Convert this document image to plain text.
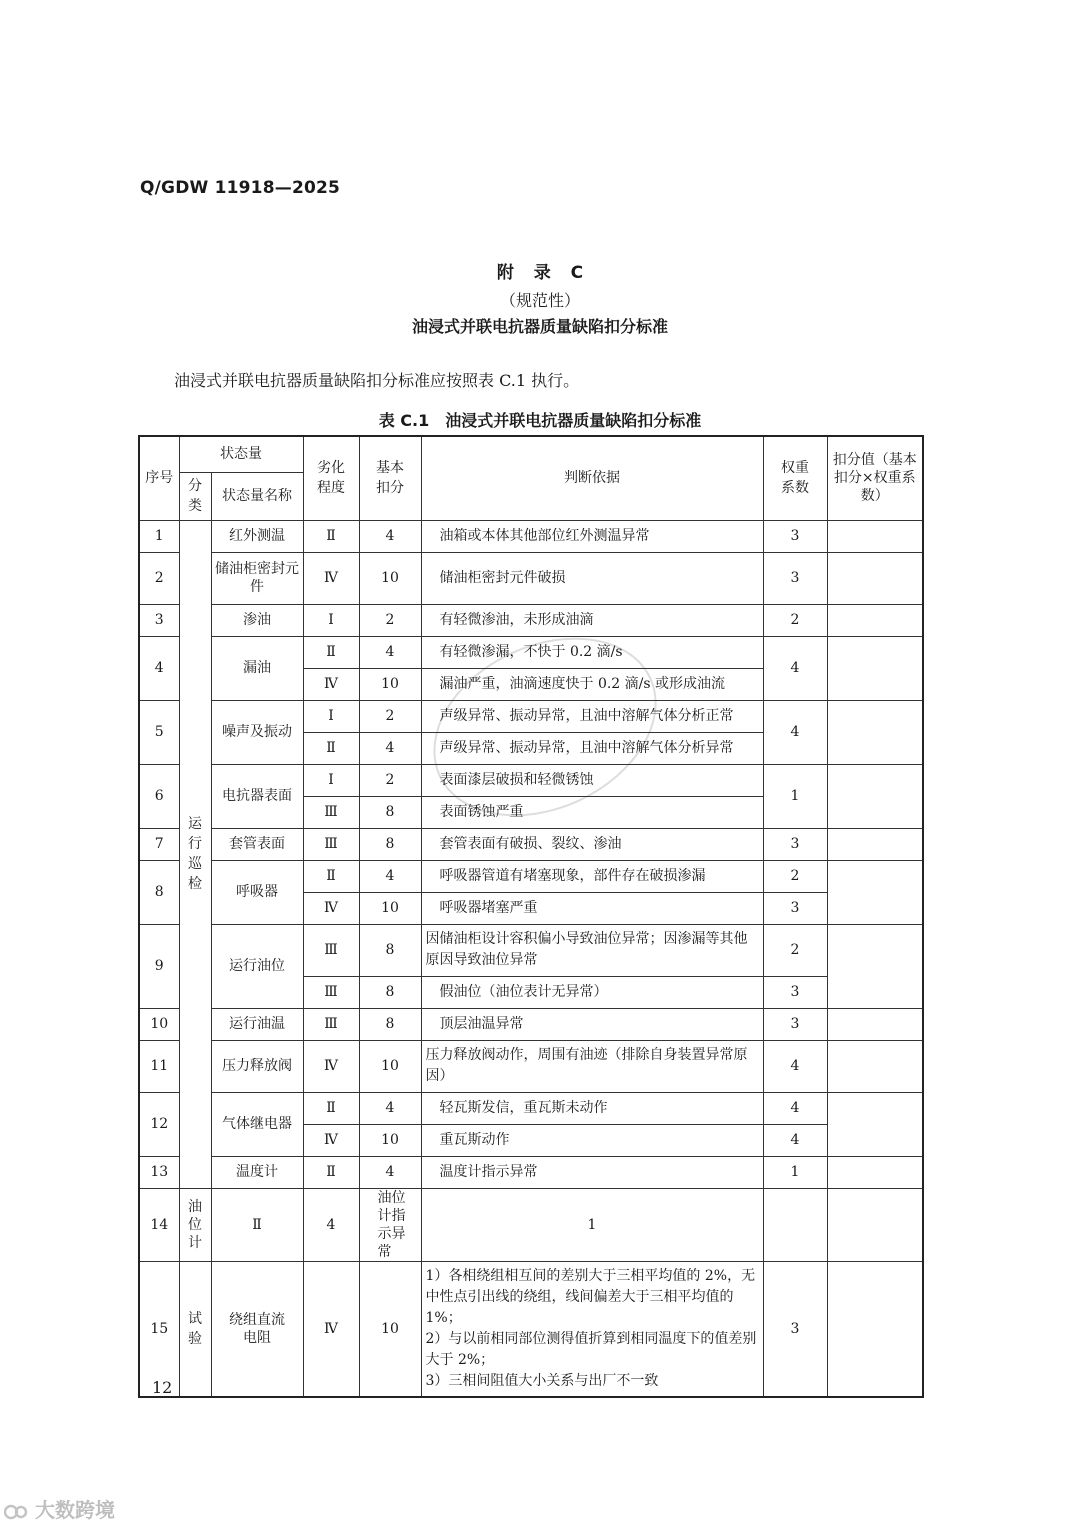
Q/GDW 11918—2025
附 录 C
（规范性）
油浸式并联电抗器质量缺陷扣分标准
油浸式并联电抗器质量缺陷扣分标准应按照表 C.1 执行。
表 C.1　油浸式并联电抗器质量缺陷扣分标准
序号	状态量		劣化程度	基本扣分	判断依据	权重系数	扣分值（基本扣分×权重系数）
	分类	状态量名称					
1	运行巡检	红外测温	Ⅱ	4	油箱或本体其他部位红外测温异常	3	
2		储油柜密封元件	Ⅳ	10	储油柜密封元件破损	3	
3		渗油	Ⅰ	2	有轻微渗油，未形成油滴	2	
4		漏油	Ⅱ	4	有轻微渗漏，不快于 0.2 滴/s	4	
			Ⅳ	10	漏油严重，油滴速度快于 0.2 滴/s 或形成油流		
5		噪声及振动	Ⅰ	2	声级异常、振动异常，且油中溶解气体分析正常	4	
			Ⅱ	4	声级异常、振动异常，且油中溶解气体分析异常		
6		电抗器表面	Ⅰ	2	表面漆层破损和轻微锈蚀	1	
			Ⅲ	8	表面锈蚀严重		
7		套管表面	Ⅲ	8	套管表面有破损、裂纹、渗油	3	
8		呼吸器	Ⅱ	4	呼吸器管道有堵塞现象，部件存在破损渗漏	2	
			Ⅳ	10	呼吸器堵塞严重	3	
9		运行油位	Ⅲ	8	因储油柜设计容积偏小导致油位异常；因渗漏等其他原因导致油位异常	2	
			Ⅲ	8	假油位（油位表计无异常）	3	
10		运行油温	Ⅲ	8	顶层油温异常	3	
11		压力释放阀	Ⅳ	10	压力释放阀动作，周围有油迹（排除自身装置异常原因）	4	
12		气体继电器	Ⅱ	4	轻瓦斯发信，重瓦斯未动作	4	
			Ⅳ	10	重瓦斯动作	4	
13		温度计	Ⅱ	4	温度计指示异常	1	
14	油位计	Ⅱ	4	油位计指示异常	1		
15	试验	绕组直流电阻	Ⅳ	10	1）各相绕组相互间的差别大于三相平均值的 2%，无中性点引出线的绕组，线间偏差大于三相平均值的 1%；
2）与以前相同部位测得值折算到相同温度下的值差别大于 2%；
3）三相间阻值大小关系与出厂不一致	3	
12
大数跨境
